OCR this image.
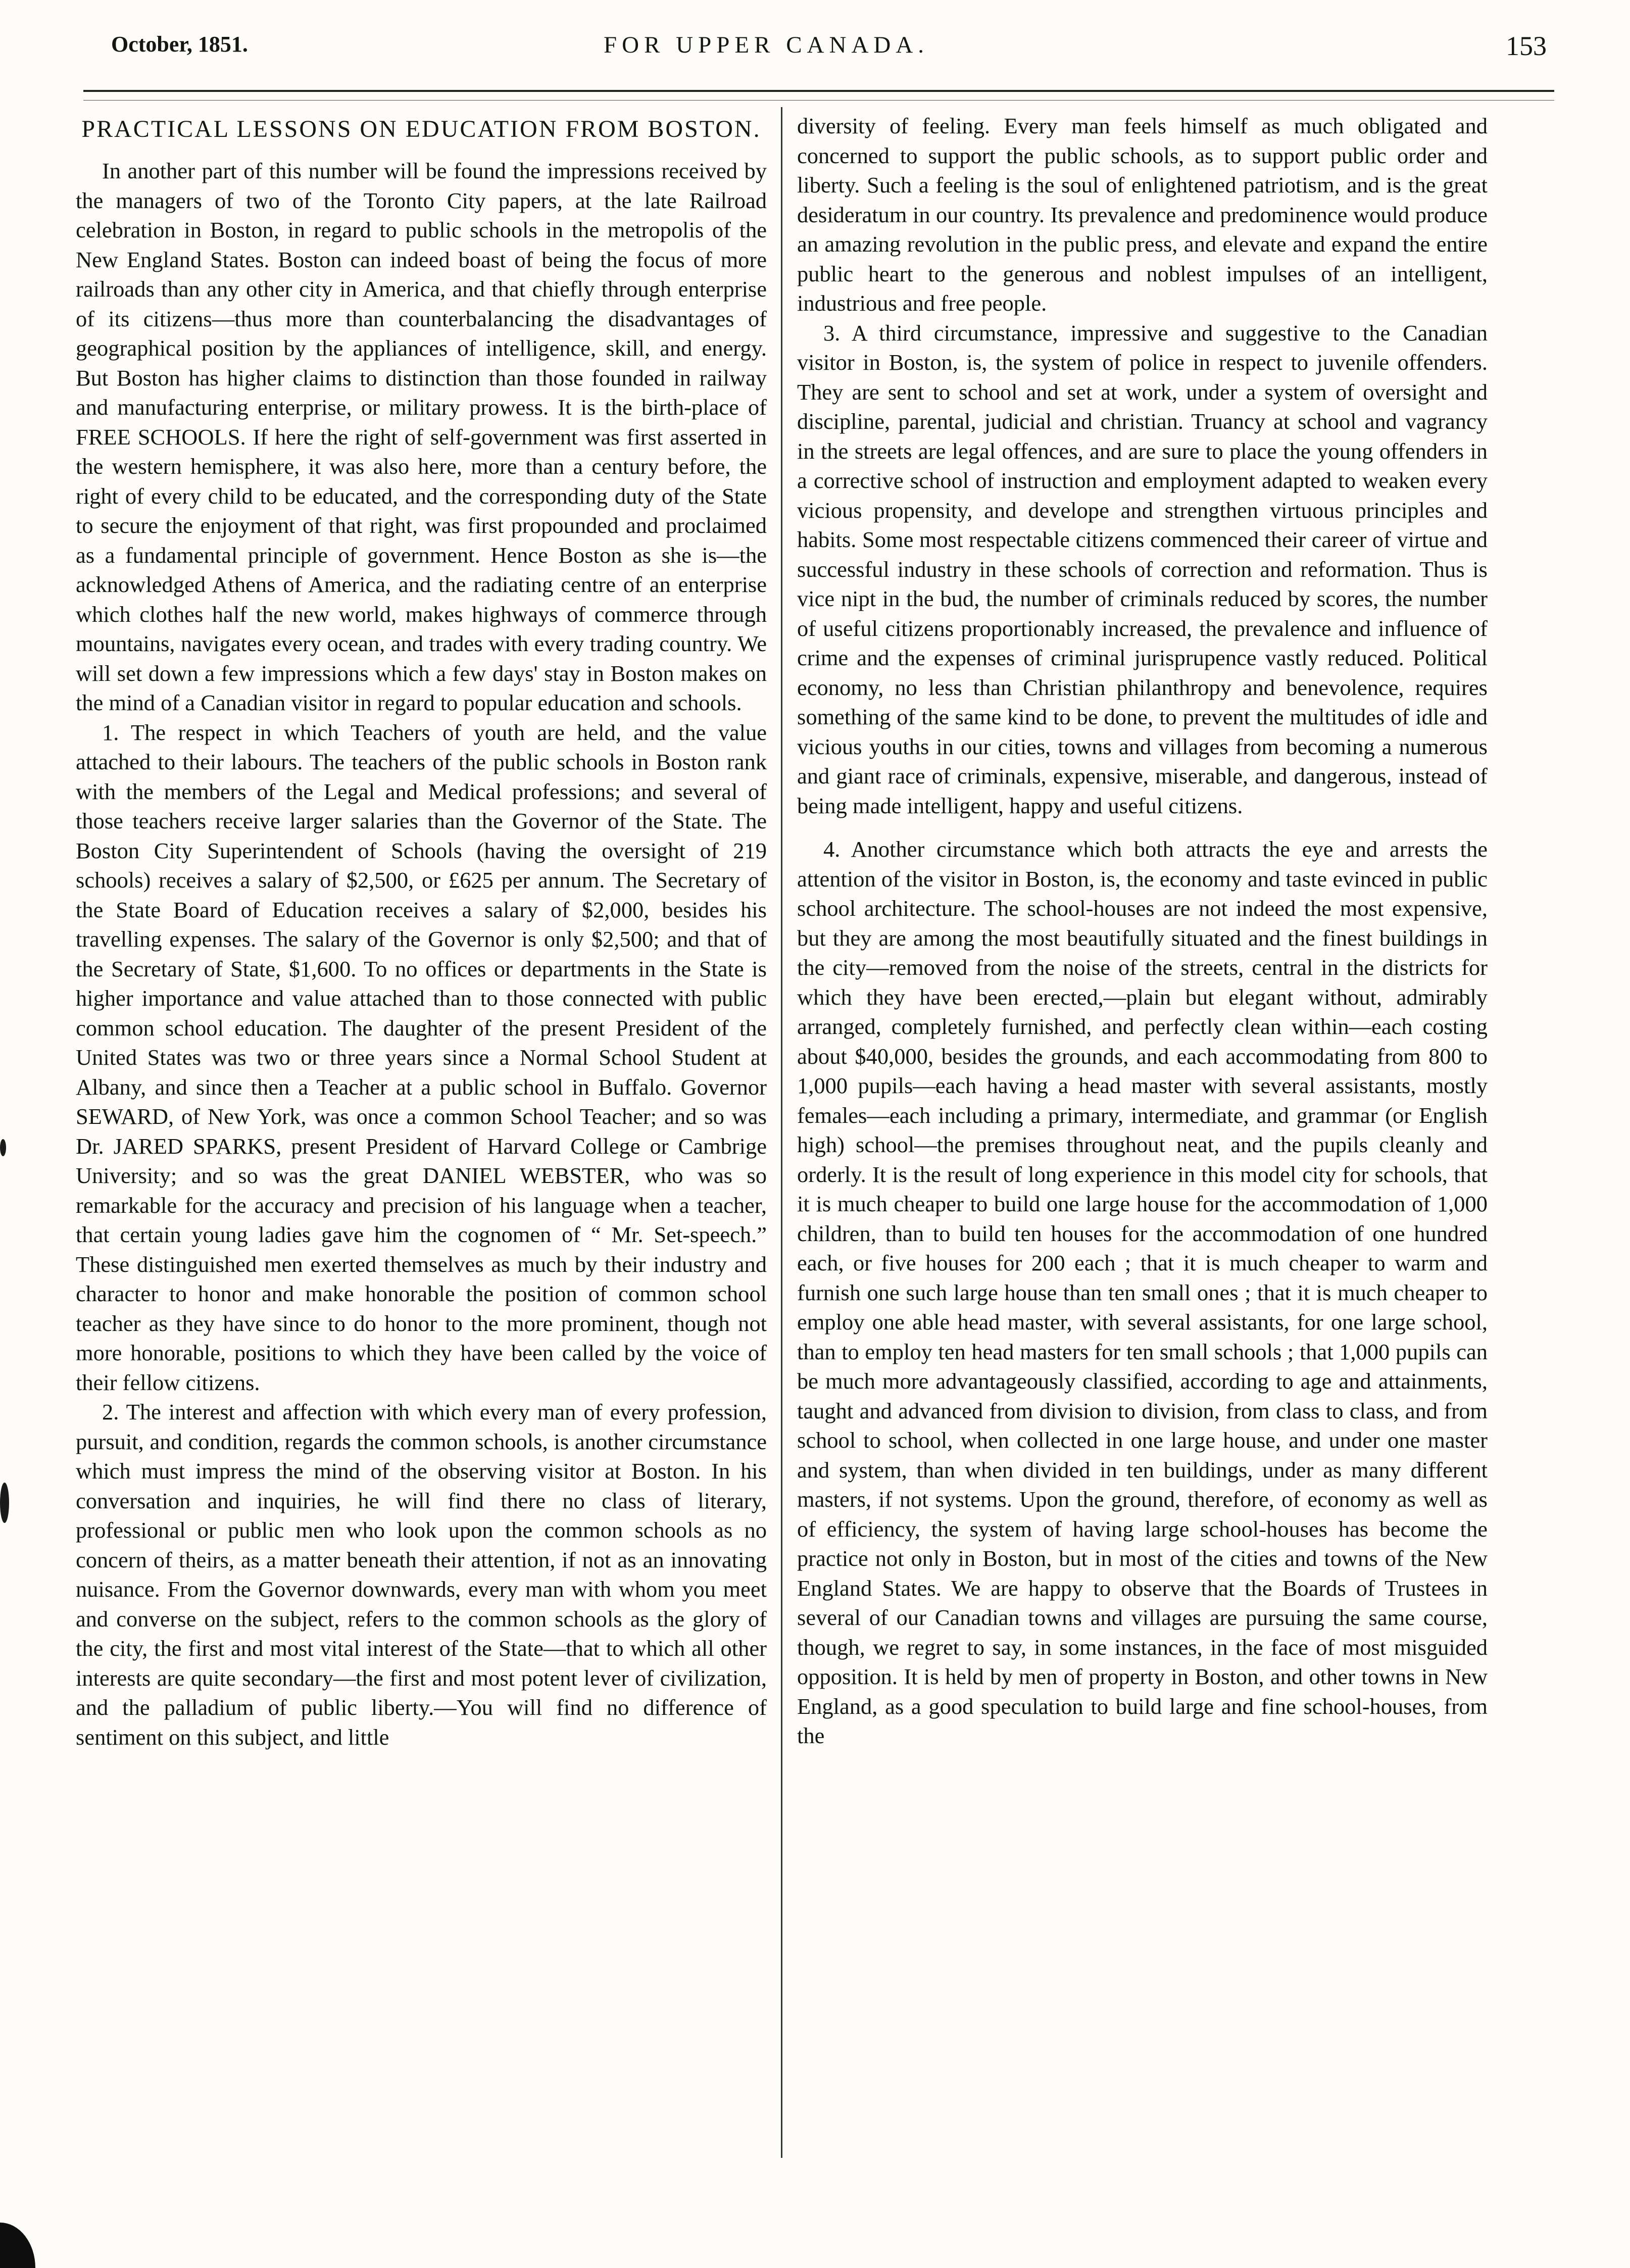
October, 1851.	FOR UPPER CANADA.	153
PRACTICAL LESSONS ON EDUCATION FROM BOSTON.

In another part of this number will be found the impressions received by the managers of two of the Toronto City papers, at the late Railroad celebration in Boston, in regard to public schools in the metropolis of the New England States. Boston can indeed boast of being the focus of more railroads than any other city in America, and that chiefly through enterprise of its citizens—thus more than counterbalancing the disadvantages of geographical position by the appliances of intelligence, skill, and energy. But Boston has higher claims to distinction than those founded in railway and manufacturing enterprise, or military prowess. It is the birth-place of FREE SCHOOLS. If here the right of self-government was first asserted in the western hemisphere, it was also here, more than a century before, the right of every child to be educated, and the corresponding duty of the State to secure the enjoyment of that right, was first propounded and proclaimed as a fundamental principle of government. Hence Boston as she is—the acknowledged Athens of America, and the radiating centre of an enterprise which clothes half the new world, makes highways of commerce through mountains, navigates every ocean, and trades with every trading country. We will set down a few impressions which a few days' stay in Boston makes on the mind of a Canadian visitor in regard to popular education and schools.

1. The respect in which Teachers of youth are held, and the value attached to their labours. The teachers of the public schools in Boston rank with the members of the Legal and Medical professions; and several of those teachers receive larger salaries than the Governor of the State. The Boston City Superintendent of Schools (having the oversight of 219 schools) receives a salary of $2,500, or £625 per annum. The Secretary of the State Board of Education receives a salary of $2,000, besides his travelling expenses. The salary of the Governor is only $2,500; and that of the Secretary of State, $1,600. To no offices or departments in the State is higher importance and value attached than to those connected with public common school education. The daughter of the present President of the United States was two or three years since a Normal School Student at Albany, and since then a Teacher at a public school in Buffalo. Governor SEWARD, of New York, was once a common School Teacher; and so was Dr. JARED SPARKS, present President of Harvard College or Cambrige University; and so was the great DANIEL WEBSTER, who was so remarkable for the accuracy and precision of his language when a teacher, that certain young ladies gave him the cognomen of “ Mr. Set-speech.” These distinguished men exerted themselves as much by their industry and character to honor and make honorable the position of common school teacher as they have since to do honor to the more prominent, though not more honorable, positions to which they have been called by the voice of their fellow citizens.

2. The interest and affection with which every man of every profession, pursuit, and condition, regards the common schools, is another circumstance which must impress the mind of the observing visitor at Boston. In his conversation and inquiries, he will find there no class of literary, professional or public men who look upon the common schools as no concern of theirs, as a matter beneath their attention, if not as an innovating nuisance. From the Governor downwards, every man with whom you meet and converse on the subject, refers to the common schools as the glory of the city, the first and most vital interest of the State—that to which all other interests are quite secondary—the first and most potent lever of civilization, and the palladium of public liberty.—You will find no difference of sentiment on this subject, and little

diversity of feeling. Every man feels himself as much obligated and concerned to support the public schools, as to support public order and liberty. Such a feeling is the soul of enlightened patriotism, and is the great desideratum in our country. Its prevalence and predominence would produce an amazing revolution in the public press, and elevate and expand the entire public heart to the generous and noblest impulses of an intelligent, industrious and free people.

3. A third circumstance, impressive and suggestive to the Canadian visitor in Boston, is, the system of police in respect to juvenile offenders. They are sent to school and set at work, under a system of oversight and discipline, parental, judicial and christian. Truancy at school and vagrancy in the streets are legal offences, and are sure to place the young offenders in a corrective school of instruction and employment adapted to weaken every vicious propensity, and develope and strengthen virtuous principles and habits. Some most respectable citizens commenced their career of virtue and successful industry in these schools of correction and reformation. Thus is vice nipt in the bud, the number of criminals reduced by scores, the number of useful citizens proportionably increased, the prevalence and influence of crime and the expenses of criminal jurisprupence vastly reduced. Political economy, no less than Christian philanthropy and benevolence, requires something of the same kind to be done, to prevent the multitudes of idle and vicious youths in our cities, towns and villages from becoming a numerous and giant race of criminals, expensive, miserable, and dangerous, instead of being made intelligent, happy and useful citizens.

4. Another circumstance which both attracts the eye and arrests the attention of the visitor in Boston, is, the economy and taste evinced in public school architecture. The school-houses are not indeed the most expensive, but they are among the most beautifully situated and the finest buildings in the city—removed from the noise of the streets, central in the districts for which they have been erected,—plain but elegant without, admirably arranged, completely furnished, and perfectly clean within—each costing about $40,000, besides the grounds, and each accommodating from 800 to 1,000 pupils—each having a head master with several assistants, mostly females—each including a primary, intermediate, and grammar (or English high) school—the premises throughout neat, and the pupils cleanly and orderly. It is the result of long experience in this model city for schools, that it is much cheaper to build one large house for the accommodation of 1,000 children, than to build ten houses for the accommodation of one hundred each, or five houses for 200 each ; that it is much cheaper to warm and furnish one such large house than ten small ones ; that it is much cheaper to employ one able head master, with several assistants, for one large school, than to employ ten head masters for ten small schools ; that 1,000 pupils can be much more advantageously classified, according to age and attainments, taught and advanced from division to division, from class to class, and from school to school, when collected in one large house, and under one master and system, than when divided in ten buildings, under as many different masters, if not systems. Upon the ground, therefore, of economy as well as of efficiency, the system of having large school-houses has become the practice not only in Boston, but in most of the cities and towns of the New England States. We are happy to observe that the Boards of Trustees in several of our Canadian towns and villages are pursuing the same course, though, we regret to say, in some instances, in the face of most misguided opposition. It is held by men of property in Boston, and other towns in New England, as a good speculation to build large and fine school-houses, from the
